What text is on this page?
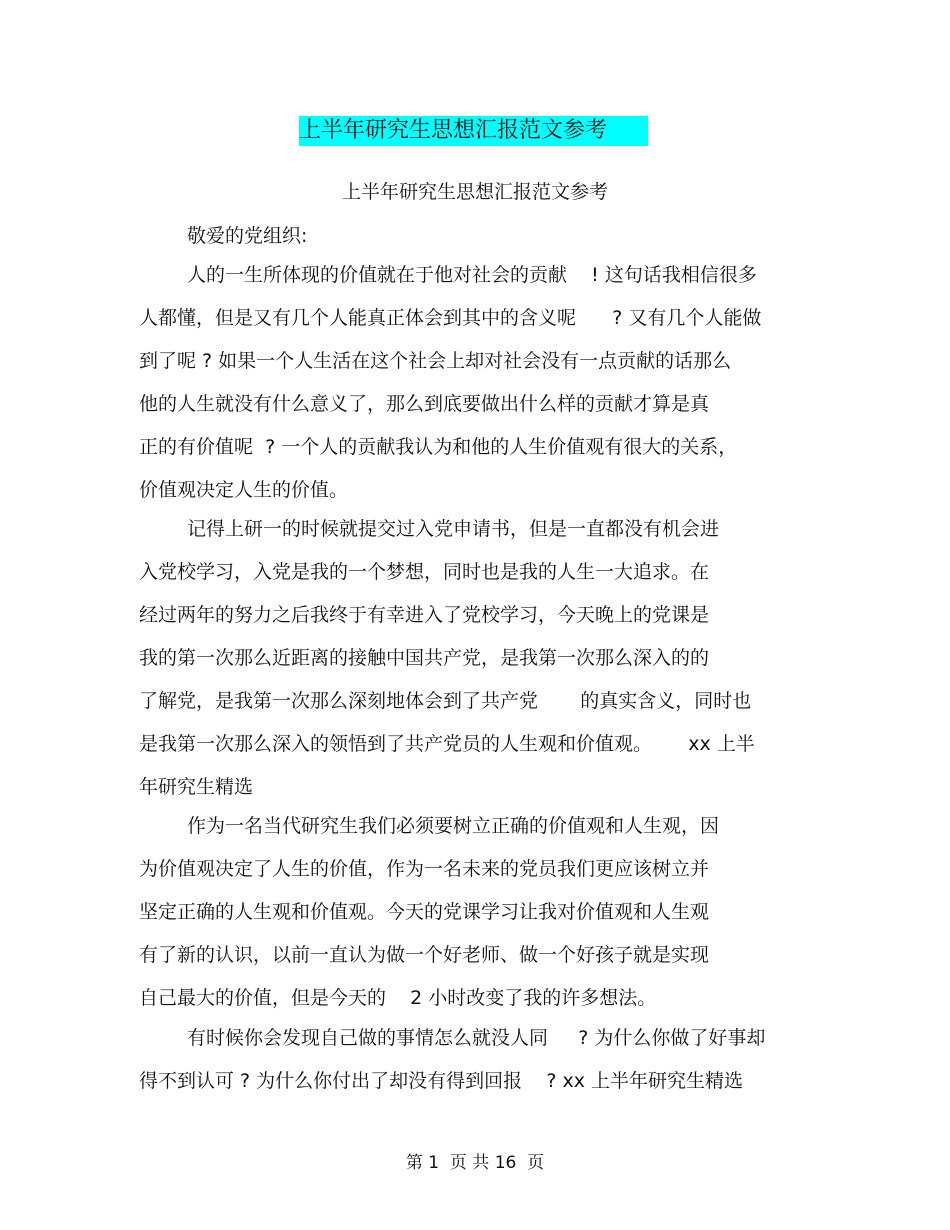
上半年研究生思想汇报范文参考
上半年研究生思想汇报范文参考
敬爱的党组织:
人的一生所体现的价值就在于他对社会的贡献    ! 这句话我相信很多
人都懂，但是又有几个人能真正体会到其中的含义呢      ? 又有几个人能做
到了呢 ? 如果一个人生活在这个社会上却对社会没有一点贡献的话那么
他的人生就没有什么意义了，那么到底要做出什么样的贡献才算是真
正的有价值呢  ? 一个人的贡献我认为和他的人生价值观有很大的关系，
价值观决定人生的价值。
记得上研一的时候就提交过入党申请书，但是一直都没有机会进
入党校学习，入党是我的一个梦想，同时也是我的人生一大追求。在
经过两年的努力之后我终于有幸进入了党校学习，今天晚上的党课是
我的第一次那么近距离的接触中国共产党，是我第一次那么深入的的
了解党，是我第一次那么深刻地体会到了共产党       的真实含义，同时也
是我第一次那么深入的领悟到了共产党员的人生观和价值观。      xx 上半
年研究生精选
作为一名当代研究生我们必须要树立正确的价值观和人生观，因
为价值观决定了人生的价值，作为一名未来的党员我们更应该树立并
坚定正确的人生观和价值观。今天的党课学习让我对价值观和人生观
有了新的认识，以前一直认为做一个好老师、做一个好孩子就是实现
自己最大的价值，但是今天的    2 小时改变了我的许多想法。
有时候你会发现自己做的事情怎么就没人同     ? 为什么你做了好事却
得不到认可 ? 为什么你付出了却没有得到回报    ? xx 上半年研究生精选
第 1  页 共 16  页
